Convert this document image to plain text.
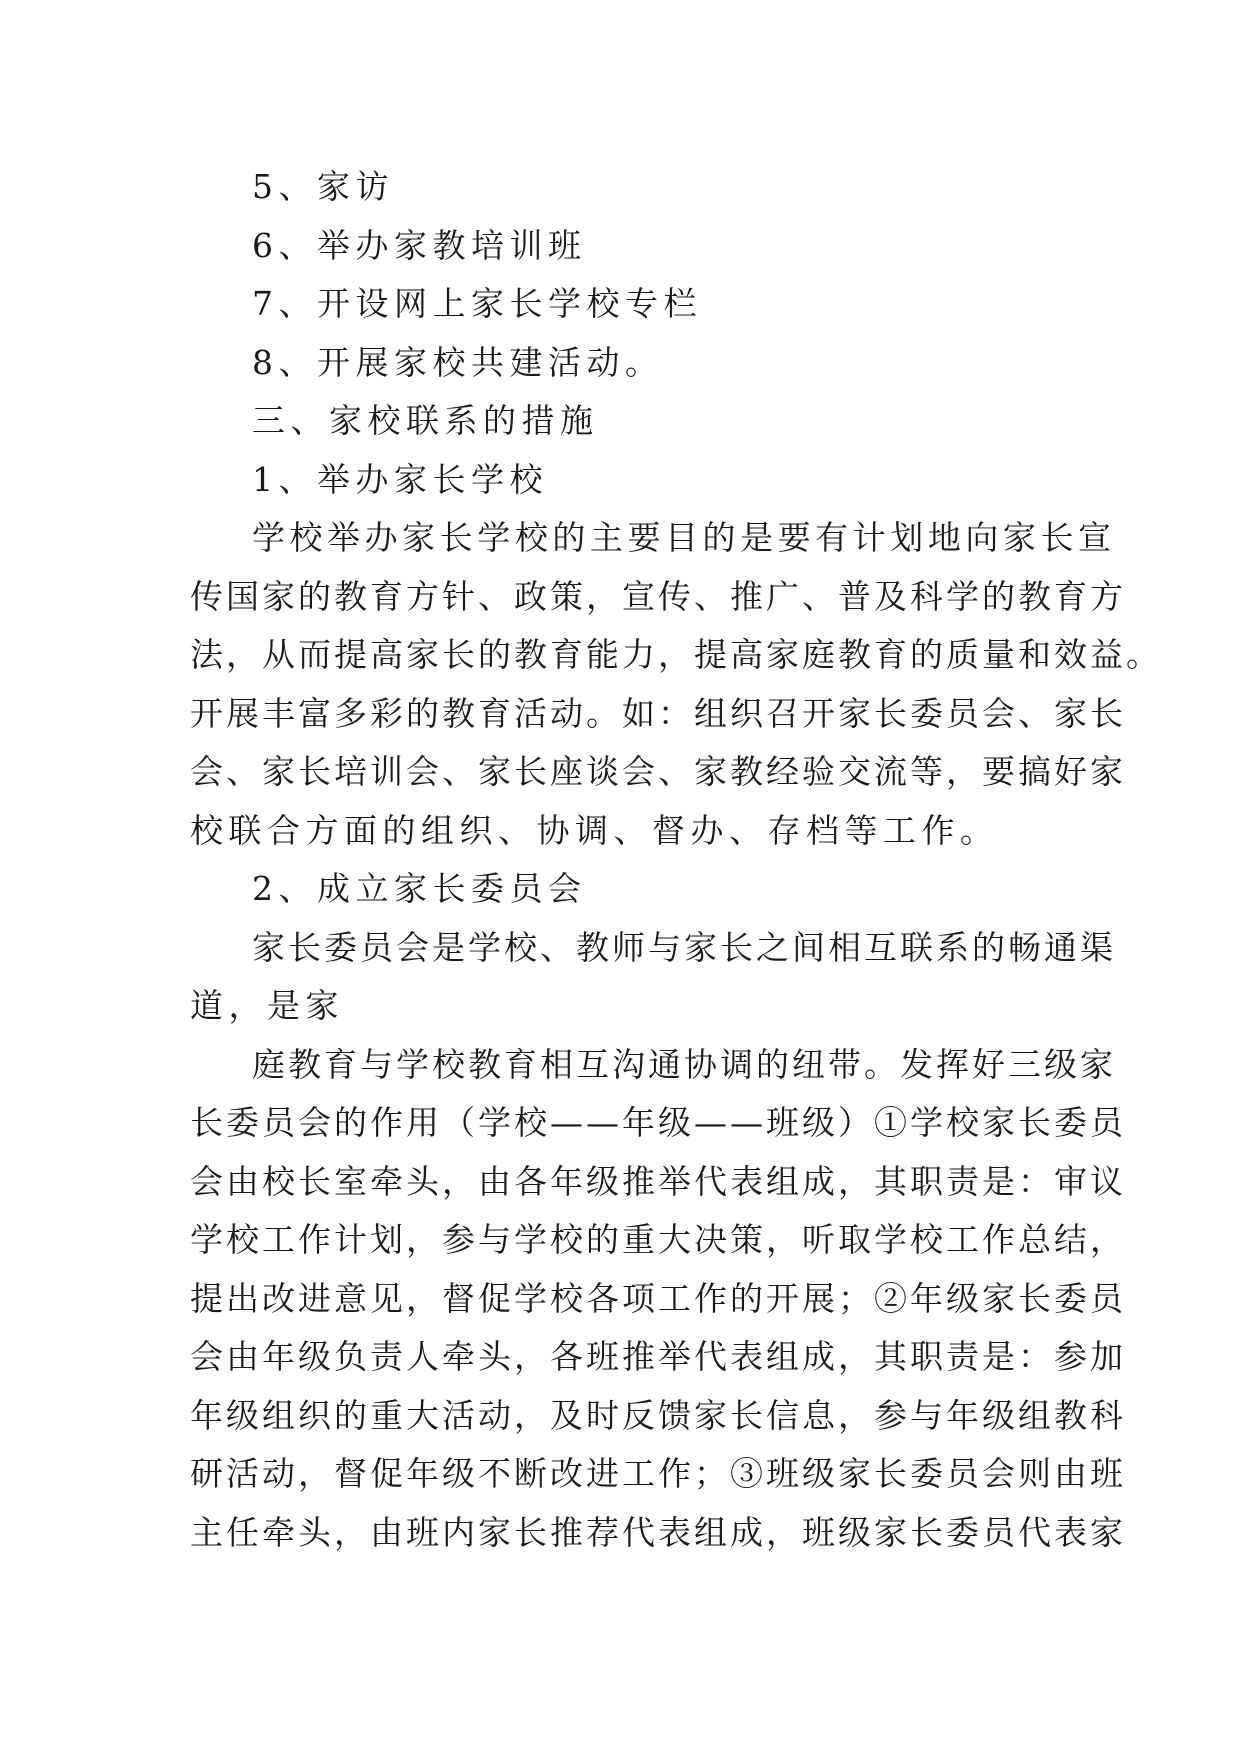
5、家访
6、举办家教培训班
7、开设网上家长学校专栏
8、开展家校共建活动。
三、家校联系的措施
1、举办家长学校
学校举办家长学校的主要目的是要有计划地向家长宣
传国家的教育方针、政策，宣传、推广、普及科学的教育方
法，从而提高家长的教育能力，提高家庭教育的质量和效益。
开展丰富多彩的教育活动。如：组织召开家长委员会、家长
会、家长培训会、家长座谈会、家教经验交流等，要搞好家
校联合方面的组织、协调、督办、存档等工作。
2、成立家长委员会
家长委员会是学校、教师与家长之间相互联系的畅通渠
道，是家
庭教育与学校教育相互沟通协调的纽带。发挥好三级家
长委员会的作用（学校——年级——班级）①学校家长委员
会由校长室牵头，由各年级推举代表组成，其职责是：审议
学校工作计划，参与学校的重大决策，听取学校工作总结，
提出改进意见，督促学校各项工作的开展；②年级家长委员
会由年级负责人牵头，各班推举代表组成，其职责是：参加
年级组织的重大活动，及时反馈家长信息，参与年级组教科
研活动，督促年级不断改进工作；③班级家长委员会则由班
主任牵头，由班内家长推荐代表组成，班级家长委员代表家
